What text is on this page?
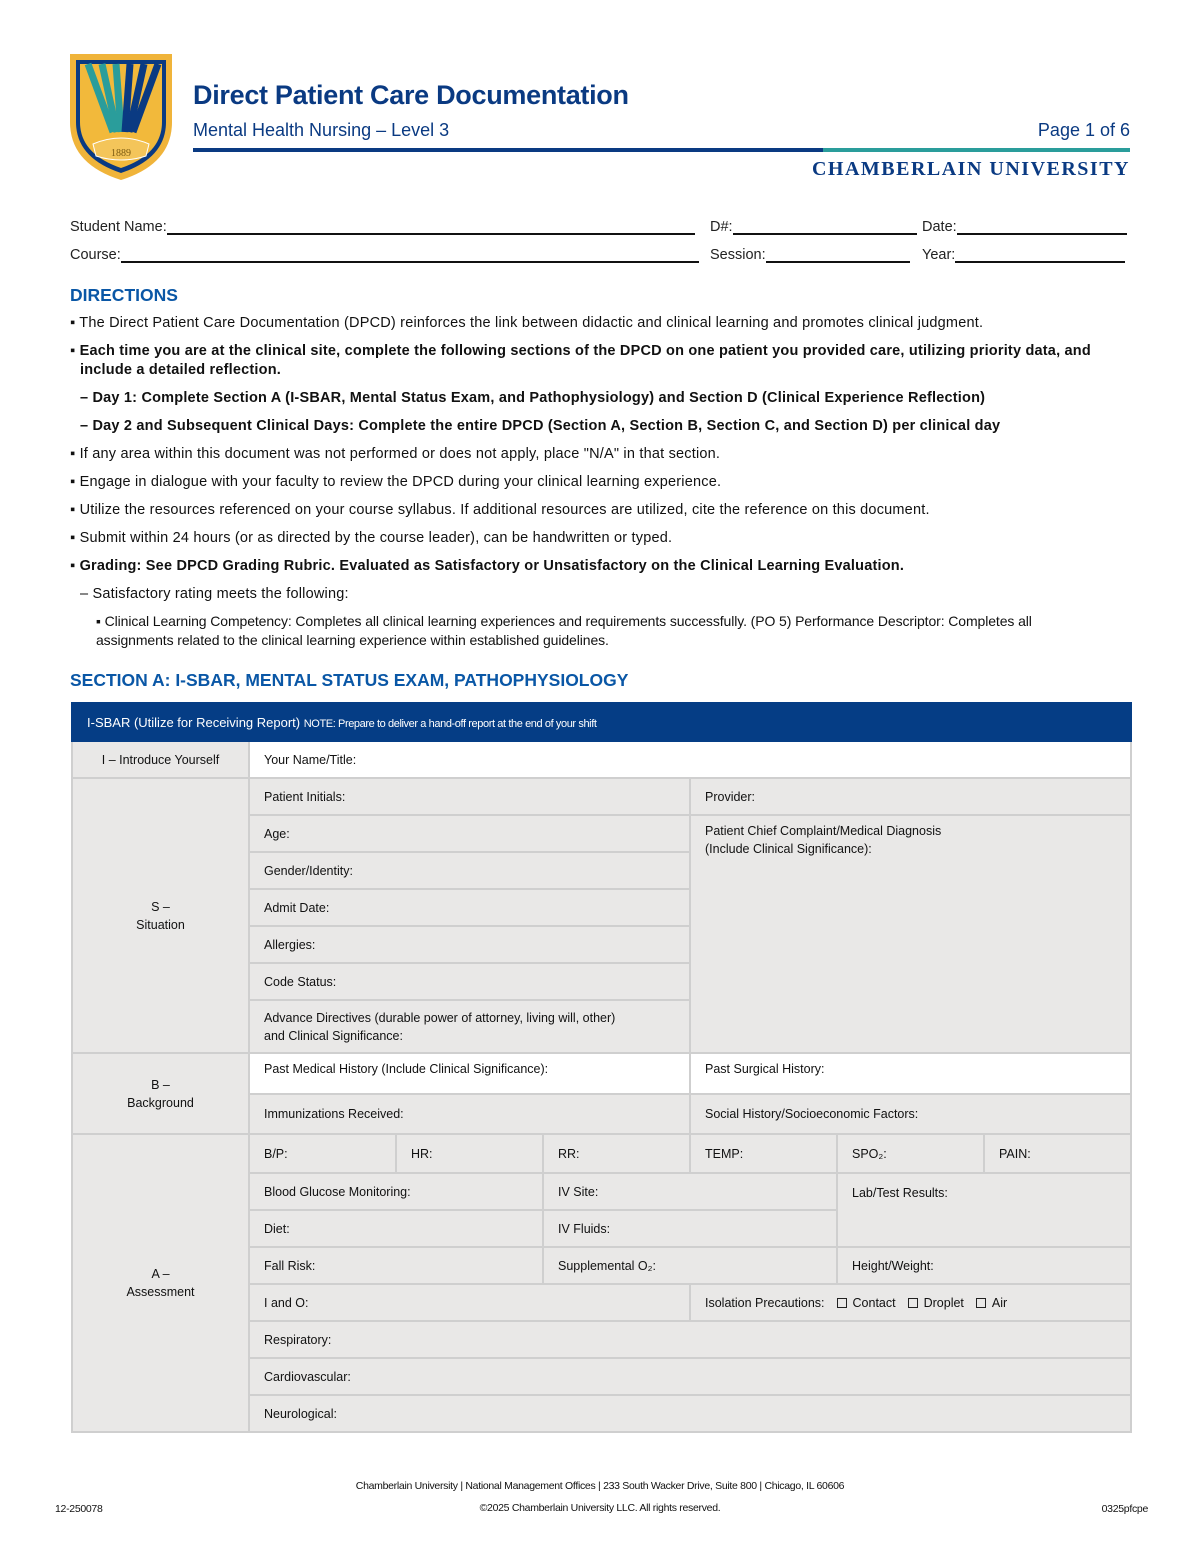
1889
Direct Patient Care Documentation
Mental Health Nursing – Level 3	Page 1 of 6
CHAMBERLAIN UNIVERSITY
Student Name:	D#:	Date:
Course:	Session:	Year:
DIRECTIONS

▪ The Direct Patient Care Documentation (DPCD) reinforces the link between didactic and clinical learning and promotes clinical judgment.

▪ Each time you are at the clinical site, complete the following sections of the DPCD on one patient you provided care, utilizing priority data, and include a detailed reflection.

– Day 1: Complete Section A (I-SBAR, Mental Status Exam, and Pathophysiology) and Section D (Clinical Experience Reflection)

– Day 2 and Subsequent Clinical Days: Complete the entire DPCD (Section A, Section B, Section C, and Section D) per clinical day

▪ If any area within this document was not performed or does not apply, place "N/A" in that section.

▪ Engage in dialogue with your faculty to review the DPCD during your clinical learning experience.

▪ Utilize the resources referenced on your course syllabus. If additional resources are utilized, cite the reference on this document.

▪ Submit within 24 hours (or as directed by the course leader), can be handwritten or typed.

▪ Grading: See DPCD Grading Rubric. Evaluated as Satisfactory or Unsatisfactory on the Clinical Learning Evaluation.

– Satisfactory rating meets the following:

▪ Clinical Learning Competency: Completes all clinical learning experiences and requirements successfully. (PO 5) Performance Descriptor: Completes all assignments related to the clinical learning experience within established guidelines.

SECTION A: I-SBAR, MENTAL STATUS EXAM, PATHOPHYSIOLOGY
I-SBAR (Utilize for Receiving Report) NOTE: Prepare to deliver a hand-off report at the end of your shift						
I – Introduce Yourself	Your Name/Title:					
S –
Situation	Patient Initials:			Provider:		
	Age:			Patient Chief Complaint/Medical Diagnosis
(Include Clinical Significance):		
	Gender/Identity:					
	Admit Date:					
	Allergies:					
	Code Status:					
	Advance Directives (durable power of attorney, living will, other)
and Clinical Significance:					
B –
Background	Past Medical History (Include Clinical Significance):			Past Surgical History:		
	Immunizations Received:			Social History/Socioeconomic Factors:		
A –
Assessment	B/P:	HR:	RR:	TEMP:	SPO₂:	PAIN:
	Blood Glucose Monitoring:		IV Site:		Lab/Test Results:	
	Diet:		IV Fluids:			
	Fall Risk:		Supplemental O₂:		Height/Weight:	
	I and O:			Isolation Precautions: Contact Droplet Air		
	Respiratory:					
	Cardiovascular:					
	Neurological:					
Chamberlain University | National Management Offices | 233 South Wacker Drive, Suite 800 | Chicago, IL 60606
©2025 Chamberlain University LLC. All rights reserved.
12-250078	0325pfcpe
